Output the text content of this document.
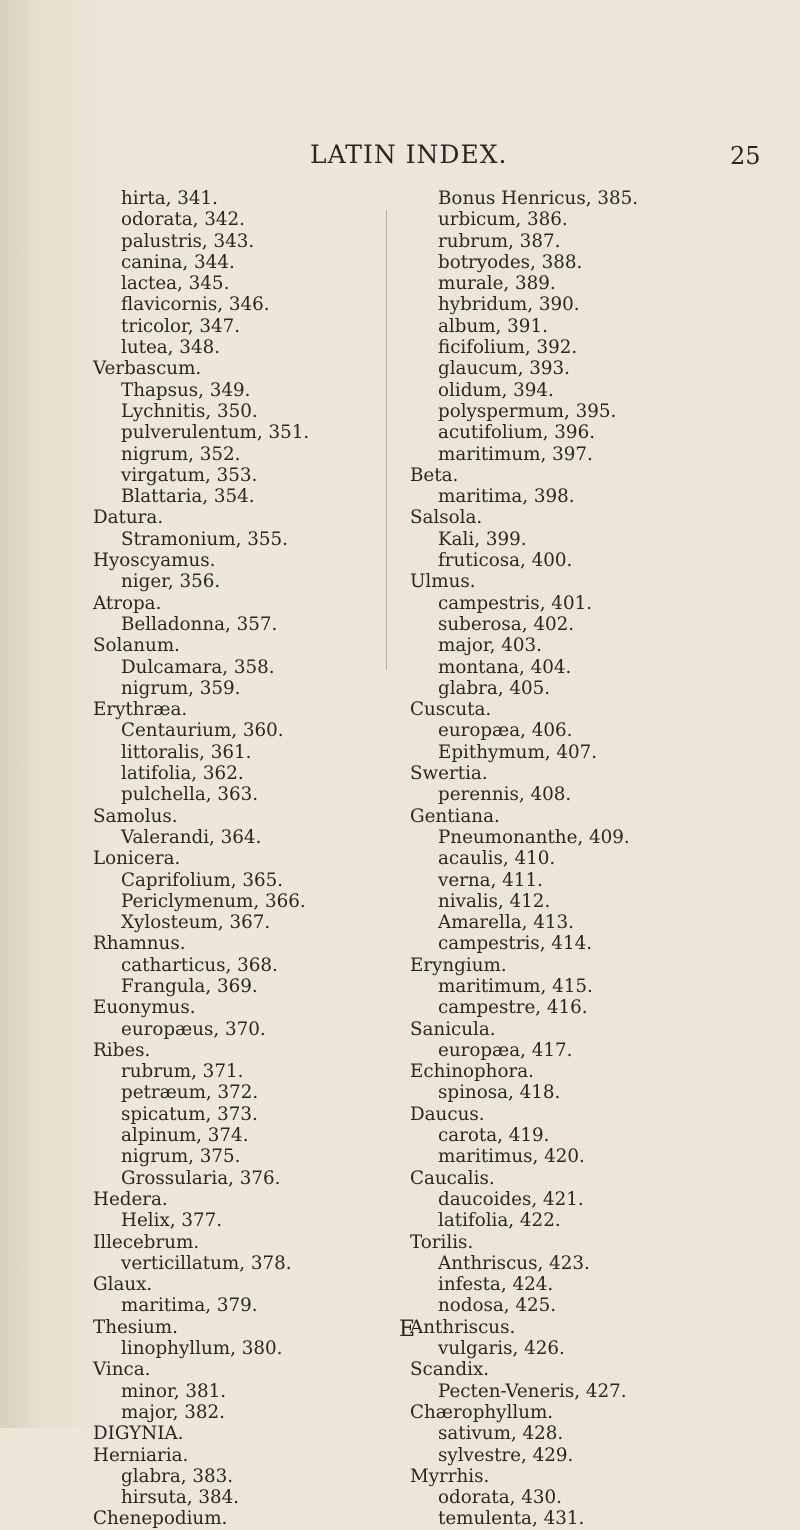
LATIN INDEX.	25
hirta, 341.
odorata, 342.
palustris, 343.
canina, 344.
lactea, 345.
flavicornis, 346.
tricolor, 347.
lutea, 348.
Verbascum.
Thapsus, 349.
Lychnitis, 350.
pulverulentum, 351.
nigrum, 352.
virgatum, 353.
Blattaria, 354.
Datura.
Stramonium, 355.
Hyoscyamus.
niger, 356.
Atropa.
Belladonna, 357.
Solanum.
Dulcamara, 358.
nigrum, 359.
Erythræa.
Centaurium, 360.
littoralis, 361.
latifolia, 362.
pulchella, 363.
Samolus.
Valerandi, 364.
Lonicera.
Caprifolium, 365.
Periclymenum, 366.
Xylosteum, 367.
Rhamnus.
catharticus, 368.
Frangula, 369.
Euonymus.
europæus, 370.
Ribes.
rubrum, 371.
petræum, 372.
spicatum, 373.
alpinum, 374.
nigrum, 375.
Grossularia, 376.
Hedera.
Helix, 377.
Illecebrum.
verticillatum, 378.
Glaux.
maritima, 379.
Thesium.
linophyllum, 380.
Vinca.
minor, 381.
major, 382.
DIGYNIA.
Herniaria.
glabra, 383.
hirsuta, 384.
Chenepodium.
Bonus Henricus, 385.
urbicum, 386.
rubrum, 387.
botryodes, 388.
murale, 389.
hybridum, 390.
album, 391.
ficifolium, 392.
glaucum, 393.
olidum, 394.
polyspermum, 395.
acutifolium, 396.
maritimum, 397.
Beta.
maritima, 398.
Salsola.
Kali, 399.
fruticosa, 400.
Ulmus.
campestris, 401.
suberosa, 402.
major, 403.
montana, 404.
glabra, 405.
Cuscuta.
europæa, 406.
Epithymum, 407.
Swertia.
perennis, 408.
Gentiana.
Pneumonanthe, 409.
acaulis, 410.
verna, 411.
nivalis, 412.
Amarella, 413.
campestris, 414.
Eryngium.
maritimum, 415.
campestre, 416.
Sanicula.
europæa, 417.
Echinophora.
spinosa, 418.
Daucus.
carota, 419.
maritimus, 420.
Caucalis.
daucoides, 421.
latifolia, 422.
Torilis.
Anthriscus, 423.
infesta, 424.
nodosa, 425.
Anthriscus.
vulgaris, 426.
Scandix.
Pecten-Veneris, 427.
Chærophyllum.
sativum, 428.
sylvestre, 429.
Myrrhis.
odorata, 430.
temulenta, 431.
E
